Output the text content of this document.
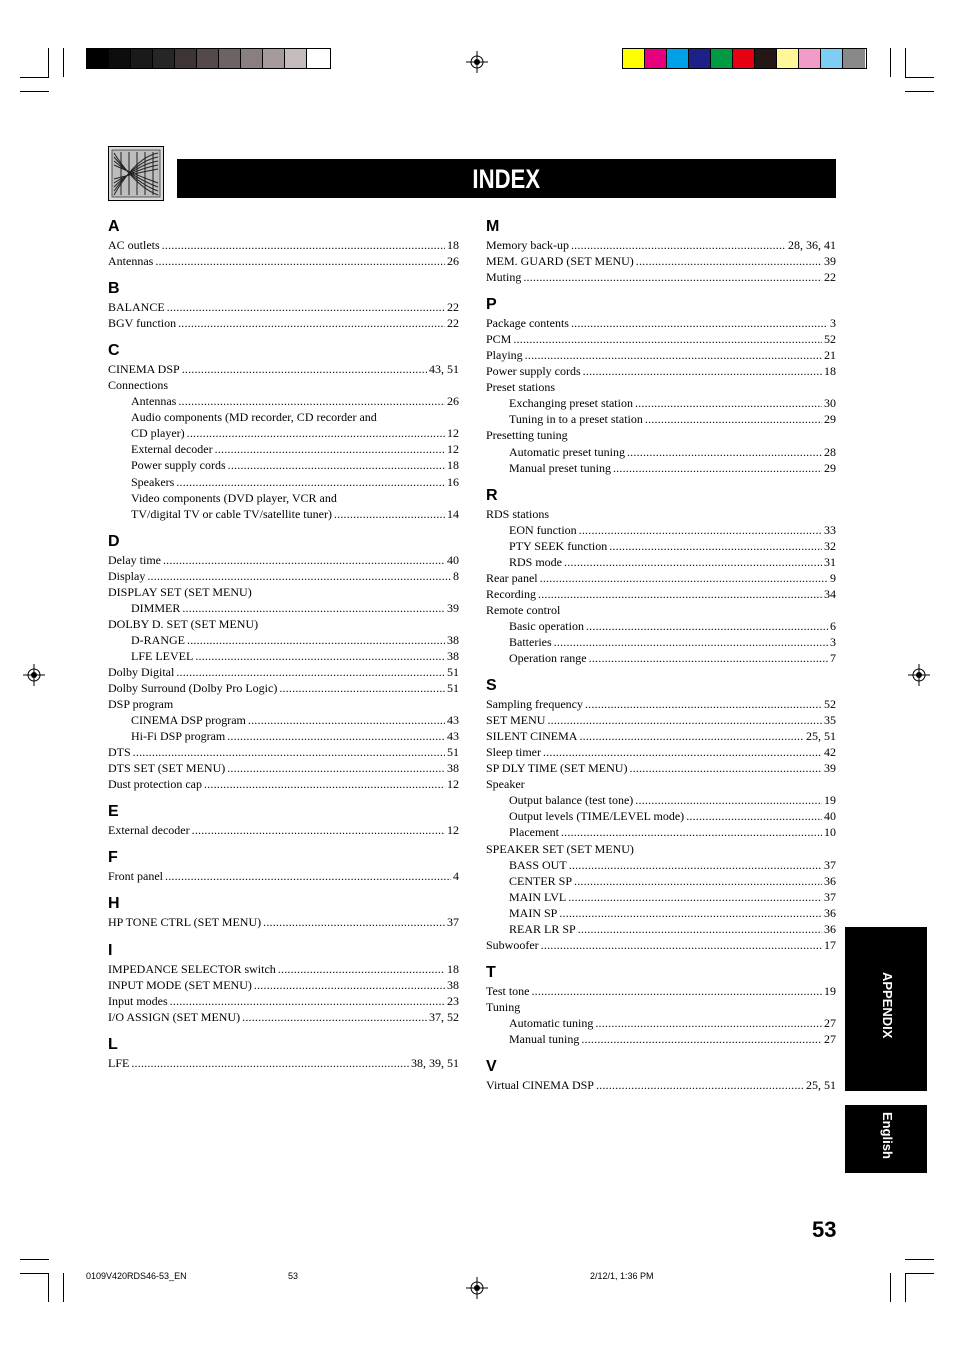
INDEX
A
AC outlets .....	18
Antennas .....	26
B
BALANCE .....	22
BGV function .....	22
C
CINEMA DSP .....	43, 51
Connections
Antennas .....	26
Audio components (MD recorder, CD recorder and
CD player) .....	12
External decoder .....	12
Power supply cords .....	18
Speakers .....	16
Video components (DVD player, VCR and
TV/digital TV or cable TV/satellite tuner) .....	14
D
Delay time .....	40
Display .....	8
DISPLAY SET (SET MENU)
DIMMER .....	39
DOLBY D. SET (SET MENU)
D-RANGE .....	38
LFE LEVEL .....	38
Dolby Digital .....	51
Dolby Surround (Dolby Pro Logic) .....	51
DSP program
CINEMA DSP program .....	43
Hi-Fi DSP program .....	43
DTS .....	51
DTS SET (SET MENU) .....	38
Dust protection cap .....	12
E
External decoder .....	12
F
Front panel .....	4
H
HP TONE CTRL (SET MENU) .....	37
I
IMPEDANCE SELECTOR switch .....	18
INPUT MODE (SET MENU) .....	38
Input modes .....	23
I/O ASSIGN (SET MENU) .....	37, 52
L
LFE .....	38, 39, 51
M
Memory back-up .....	28, 36, 41
MEM. GUARD (SET MENU) .....	39
Muting .....	22
P
Package contents .....	3
PCM .....	52
Playing .....	21
Power supply cords .....	18
Preset stations
Exchanging preset station .....	30
Tuning in to a preset station .....	29
Presetting tuning
Automatic preset tuning .....	28
Manual preset tuning .....	29
R
RDS stations
EON function .....	33
PTY SEEK function .....	32
RDS mode .....	31
Rear panel .....	9
Recording .....	34
Remote control
Basic operation .....	6
Batteries .....	3
Operation range .....	7
S
Sampling frequency .....	52
SET MENU .....	35
SILENT CINEMA .....	25, 51
Sleep timer .....	42
SP DLY TIME (SET MENU) .....	39
Speaker
Output balance (test tone) .....	19
Output levels (TIME/LEVEL mode) .....	40
Placement .....	10
SPEAKER SET (SET MENU)
BASS OUT .....	37
CENTER SP .....	36
MAIN LVL .....	37
MAIN SP .....	36
REAR LR SP .....	36
Subwoofer .....	17
T
Test tone .....	19
Tuning
Automatic tuning .....	27
Manual tuning .....	27
V
Virtual CINEMA DSP .....	25, 51
APPENDIX
English
53
0109V420RDS46-53_EN	53	2/12/1, 1:36 PM
